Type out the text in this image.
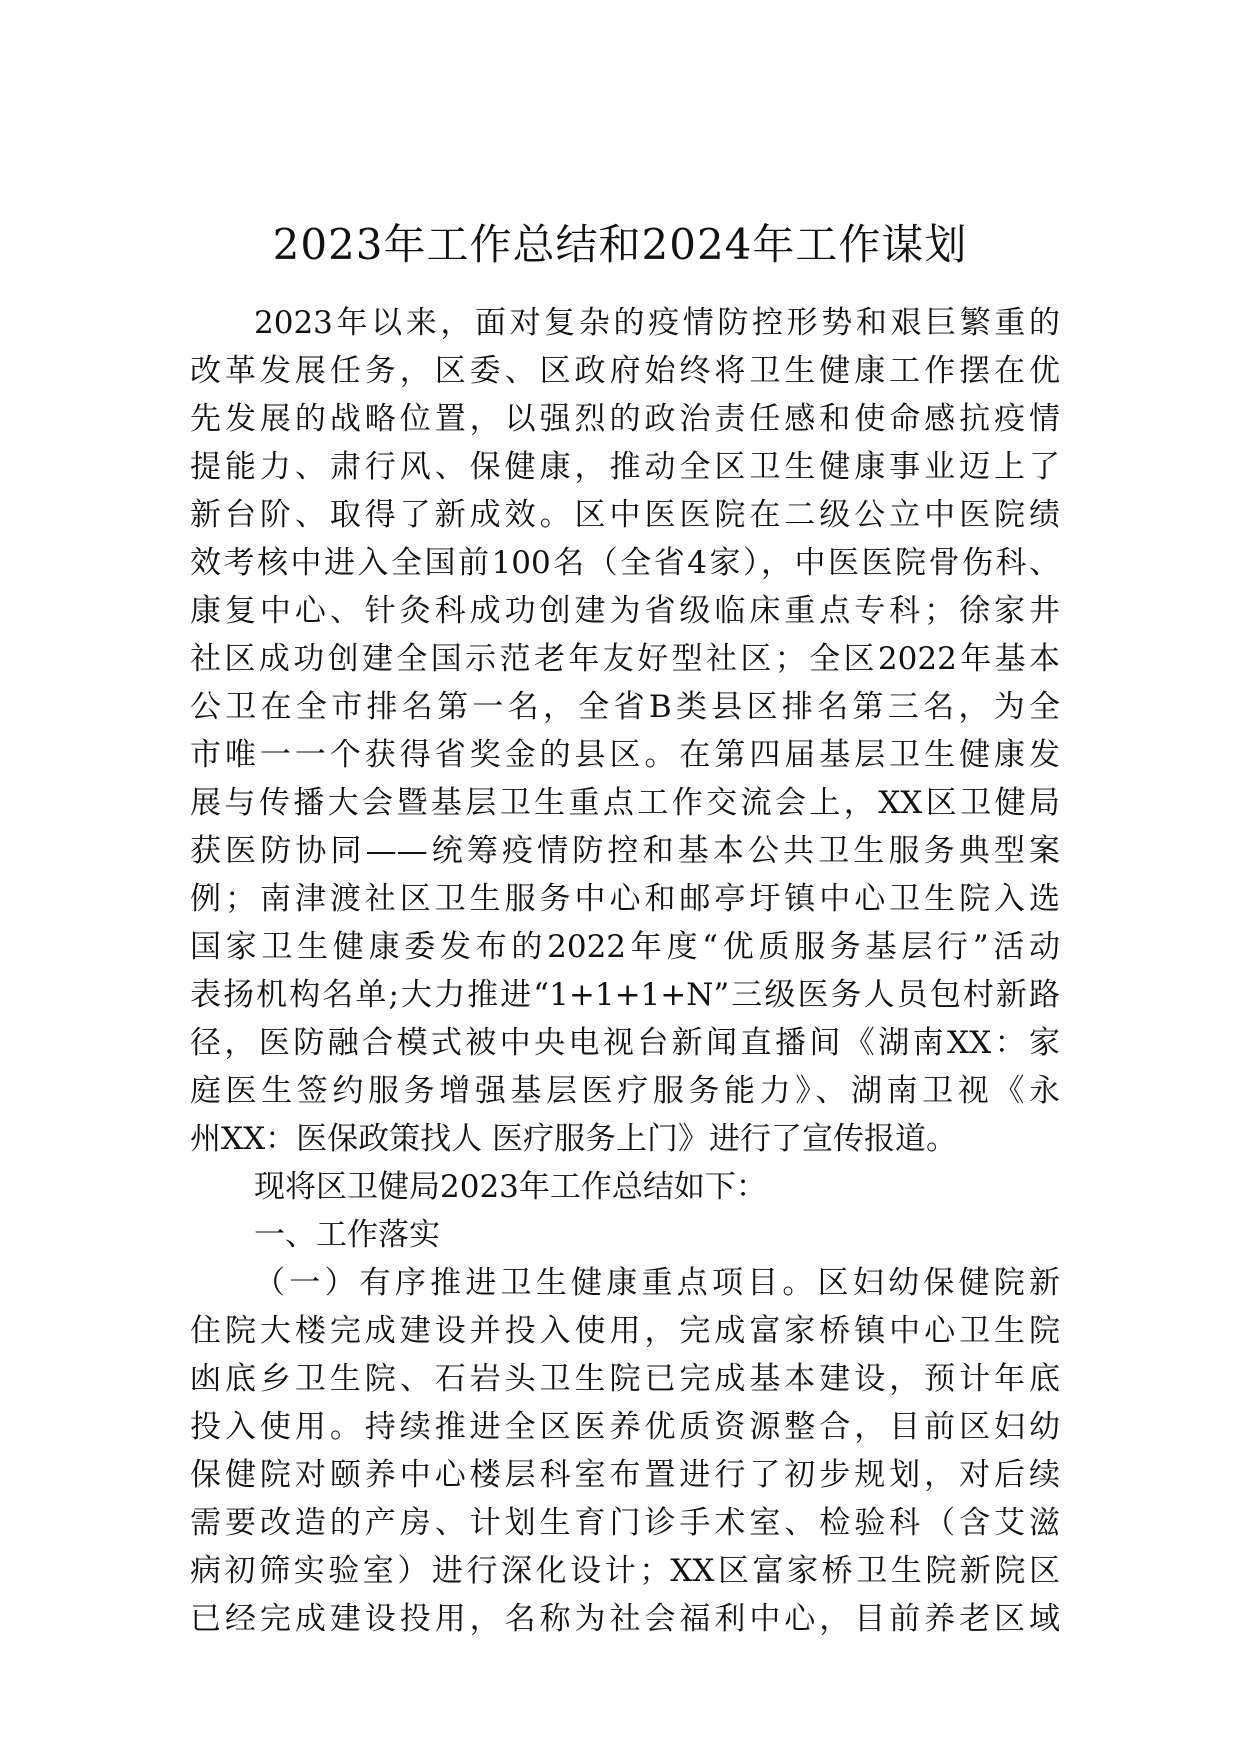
2023年工作总结和2024年工作谋划
2023年以来，面对复杂的疫情防控形势和艰巨繁重的
改革发展任务，区委、区政府始终将卫生健康工作摆在优
先发展的战略位置，以强烈的政治责任感和使命感抗疫情
提能力、肃行风、保健康，推动全区卫生健康事业迈上了
新台阶、取得了新成效。区中医医院在二级公立中医院绩
效考核中进入全国前100名（全省4家），中医医院骨伤科、
康复中心、针灸科成功创建为省级临床重点专科；徐家井
社区成功创建全国示范老年友好型社区；全区2022年基本
公卫在全市排名第一名，全省B类县区排名第三名，为全
市唯一一个获得省奖金的县区。在第四届基层卫生健康发
展与传播大会暨基层卫生重点工作交流会上，XX区卫健局
获医防协同——统筹疫情防控和基本公共卫生服务典型案
例；南津渡社区卫生服务中心和邮亭圩镇中心卫生院入选
国家卫生健康委发布的2022年度“优质服务基层行”活动
表扬机构名单;大力推进“1+1+1+N”三级医务人员包村新路
径，医防融合模式被中央电视台新闻直播间《湖南XX：家
庭医生签约服务增强基层医疗服务能力》、湖南卫视《永
州XX：医保政策找人 医疗服务上门》进行了宣传报道。
现将区卫健局2023年工作总结如下：
一、工作落实
（一）有序推进卫生健康重点项目。区妇幼保健院新
住院大楼完成建设并投入使用，完成富家桥镇中心卫生院
凼底乡卫生院、石岩头卫生院已完成基本建设，预计年底
投入使用。持续推进全区医养优质资源整合，目前区妇幼
保健院对颐养中心楼层科室布置进行了初步规划，对后续
需要改造的产房、计划生育门诊手术室、检验科（含艾滋
病初筛实验室）进行深化设计；XX区富家桥卫生院新院区
已经完成建设投用，名称为社会福利中心，目前养老区域
